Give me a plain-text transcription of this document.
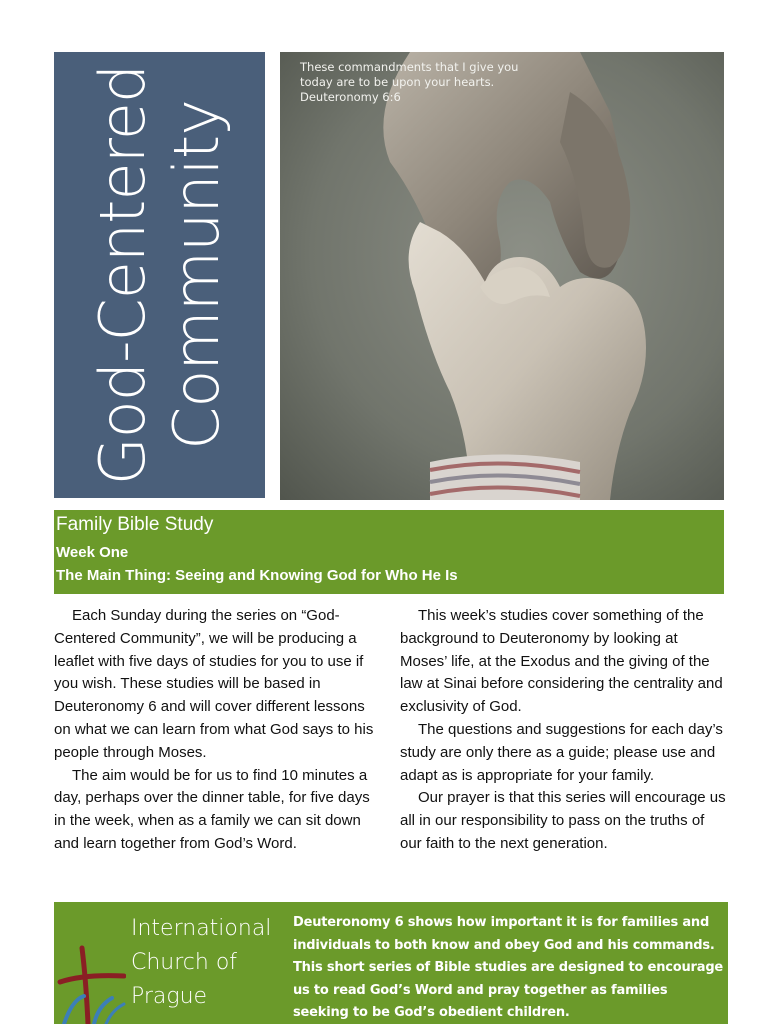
God-Centered Community
These commandments that I give you
today are to be upon your hearts.
Deuteronomy 6:6
Family Bible Study
Week One
The Main Thing: Seeing and Knowing God for Who He Is

Each Sunday during the series on “God-Centered Community”, we will be producing a leaflet with five days of studies for you to use if you wish. These studies will be based in Deuteronomy 6 and will cover different lessons on what we can learn from what God says to his people through Moses.

The aim would be for us to find 10 minutes a day, perhaps over the dinner table, for five days in the week, when as a family we can sit down and learn together from God’s Word.

This week’s studies cover something of the background to Deuteronomy by looking at Moses’ life, at the Exodus and the giving of the law at Sinai before considering the centrality and exclusivity of God.

The questions and suggestions for each day’s study are only there as a guide; please use and adapt as is appropriate for your family.

Our prayer is that this series will encourage us all in our responsibility to pass on the truths of our faith to the next generation.

International
Church of
Prague
Deuteronomy 6 shows how important it is for families and
individuals to both know and obey God and his commands.
This short series of Bible studies are designed to encourage
us to read God’s Word and pray together as families
seeking to be God’s obedient children.
